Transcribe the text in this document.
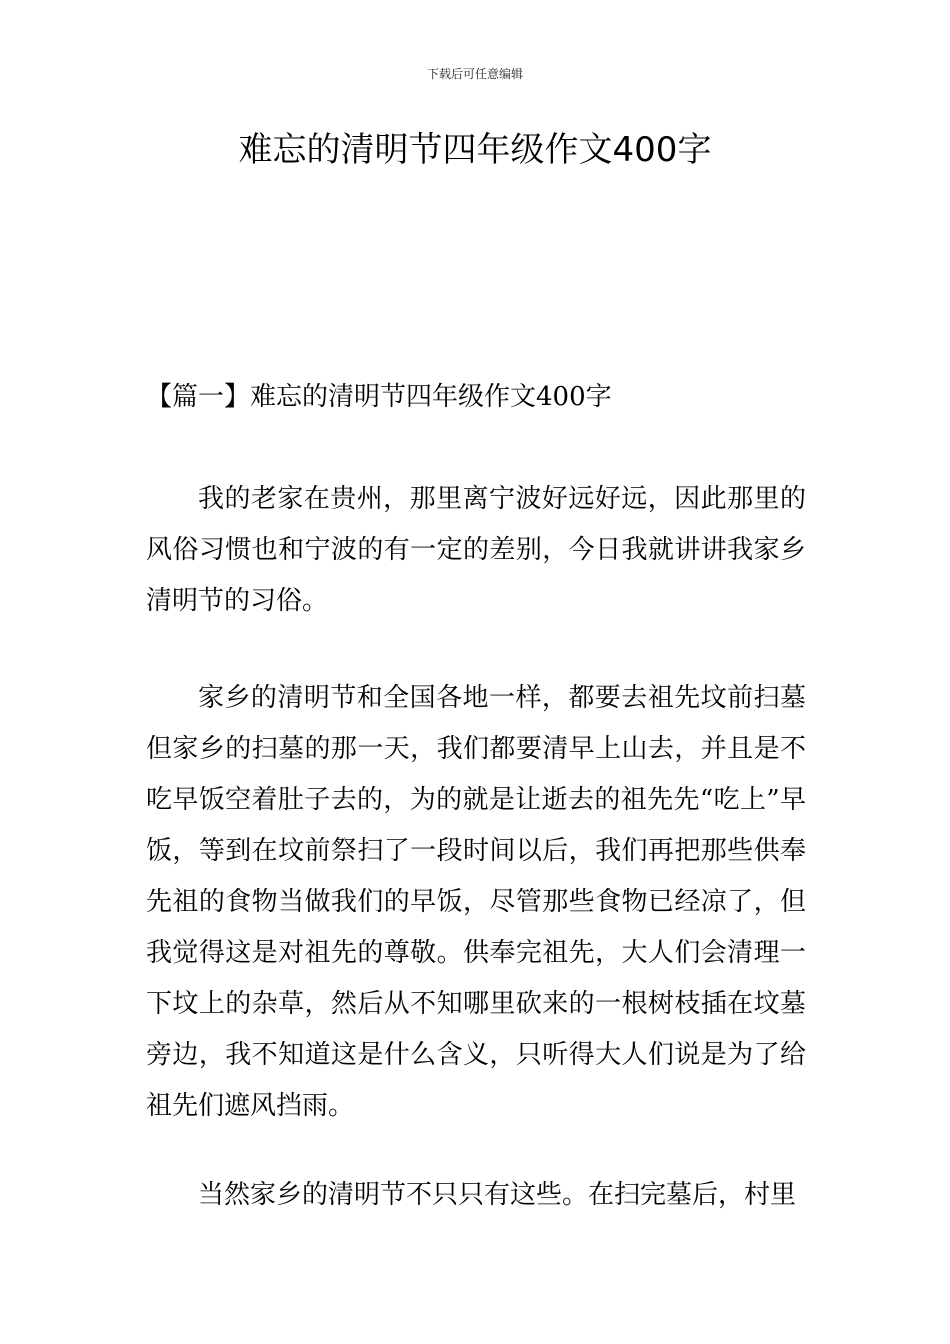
下载后可任意编辑
难忘的清明节四年级作文400字
【篇一】难忘的清明节四年级作文400字

我的老家在贵州，那里离宁波好远好远，因此那里的风俗习惯也和宁波的有一定的差别，今日我就讲讲我家乡清明节的习俗。

家乡的清明节和全国各地一样，都要去祖先坟前扫墓但家乡的扫墓的那一天，我们都要清早上山去，并且是不吃早饭空着肚子去的，为的就是让逝去的祖先先“吃上”早饭，等到在坟前祭扫了一段时间以后，我们再把那些供奉先祖的食物当做我们的早饭，尽管那些食物已经凉了，但我觉得这是对祖先的尊敬。供奉完祖先，大人们会清理一下坟上的杂草，然后从不知哪里砍来的一根树枝插在坟墓旁边，我不知道这是什么含义，只听得大人们说是为了给祖先们遮风挡雨。

当然家乡的清明节不只只有这些。在扫完墓后，村里
